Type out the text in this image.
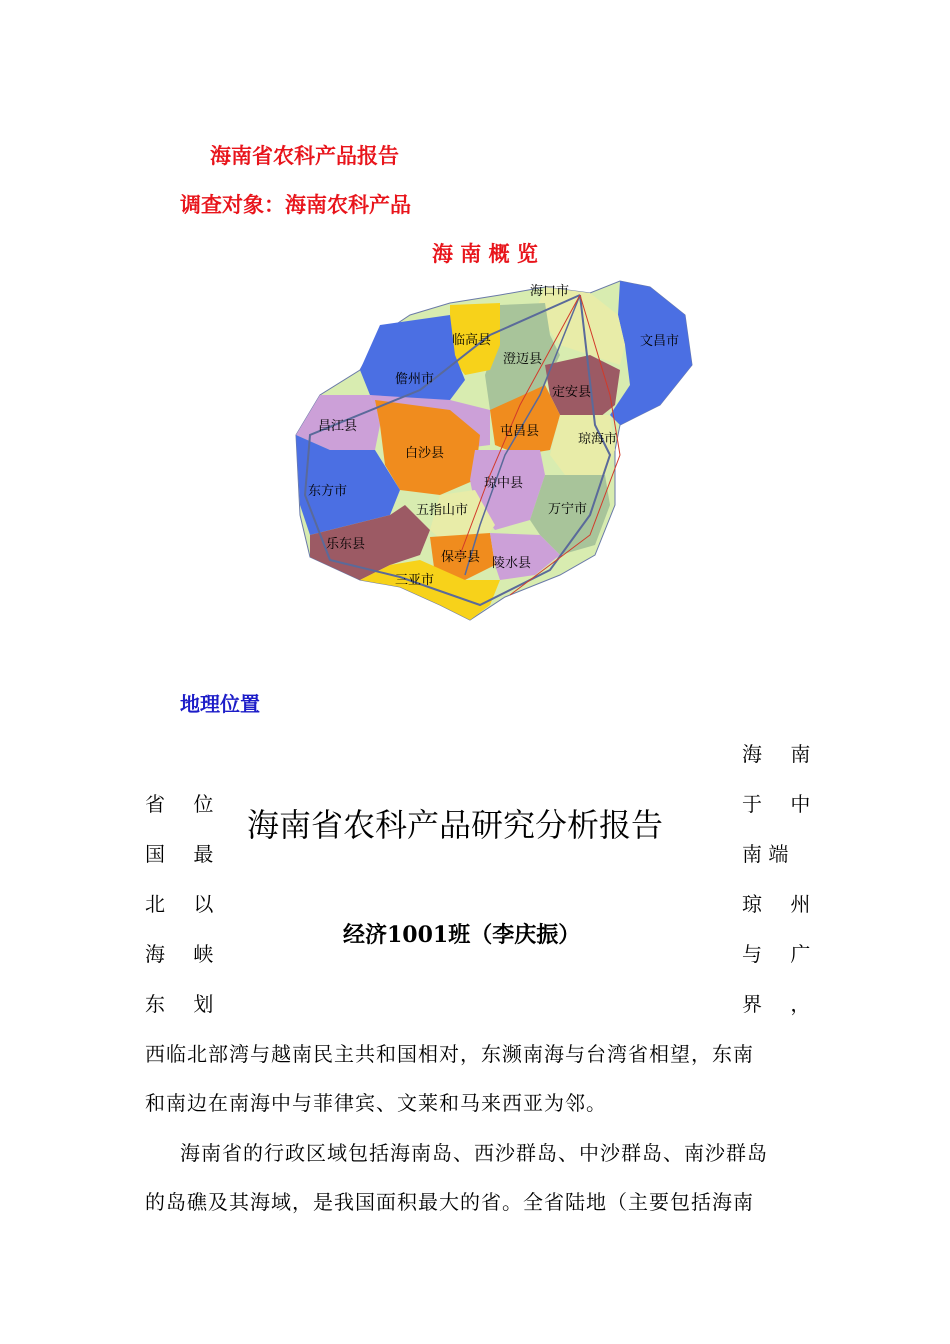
海南省农科产品报告
调查对象：海南农科产品
海 南 概 览
海口市
临高县
澄迈县
文昌市
儋州市
定安县
昌江县	屯昌县
琼海市
白沙县
琼中县
东方市
五指山市	万宁市
乐东县
保亭县 陵水县
三亚市
地理位置
海 南
于 中
南 端
琼 州
与 广
界 ，
省 位
国 最
北 以
海 峡
东 划
海南省农科产品研究分析报告
经济1001班（李庆振）
西临北部湾与越南民主共和国相对，东濒南海与台湾省相望，东南
和南边在南海中与菲律宾、文莱和马来西亚为邻。
海南省的行政区域包括海南岛、西沙群岛、中沙群岛、南沙群岛
的岛礁及其海域，是我国面积最大的省。全省陆地（主要包括海南
